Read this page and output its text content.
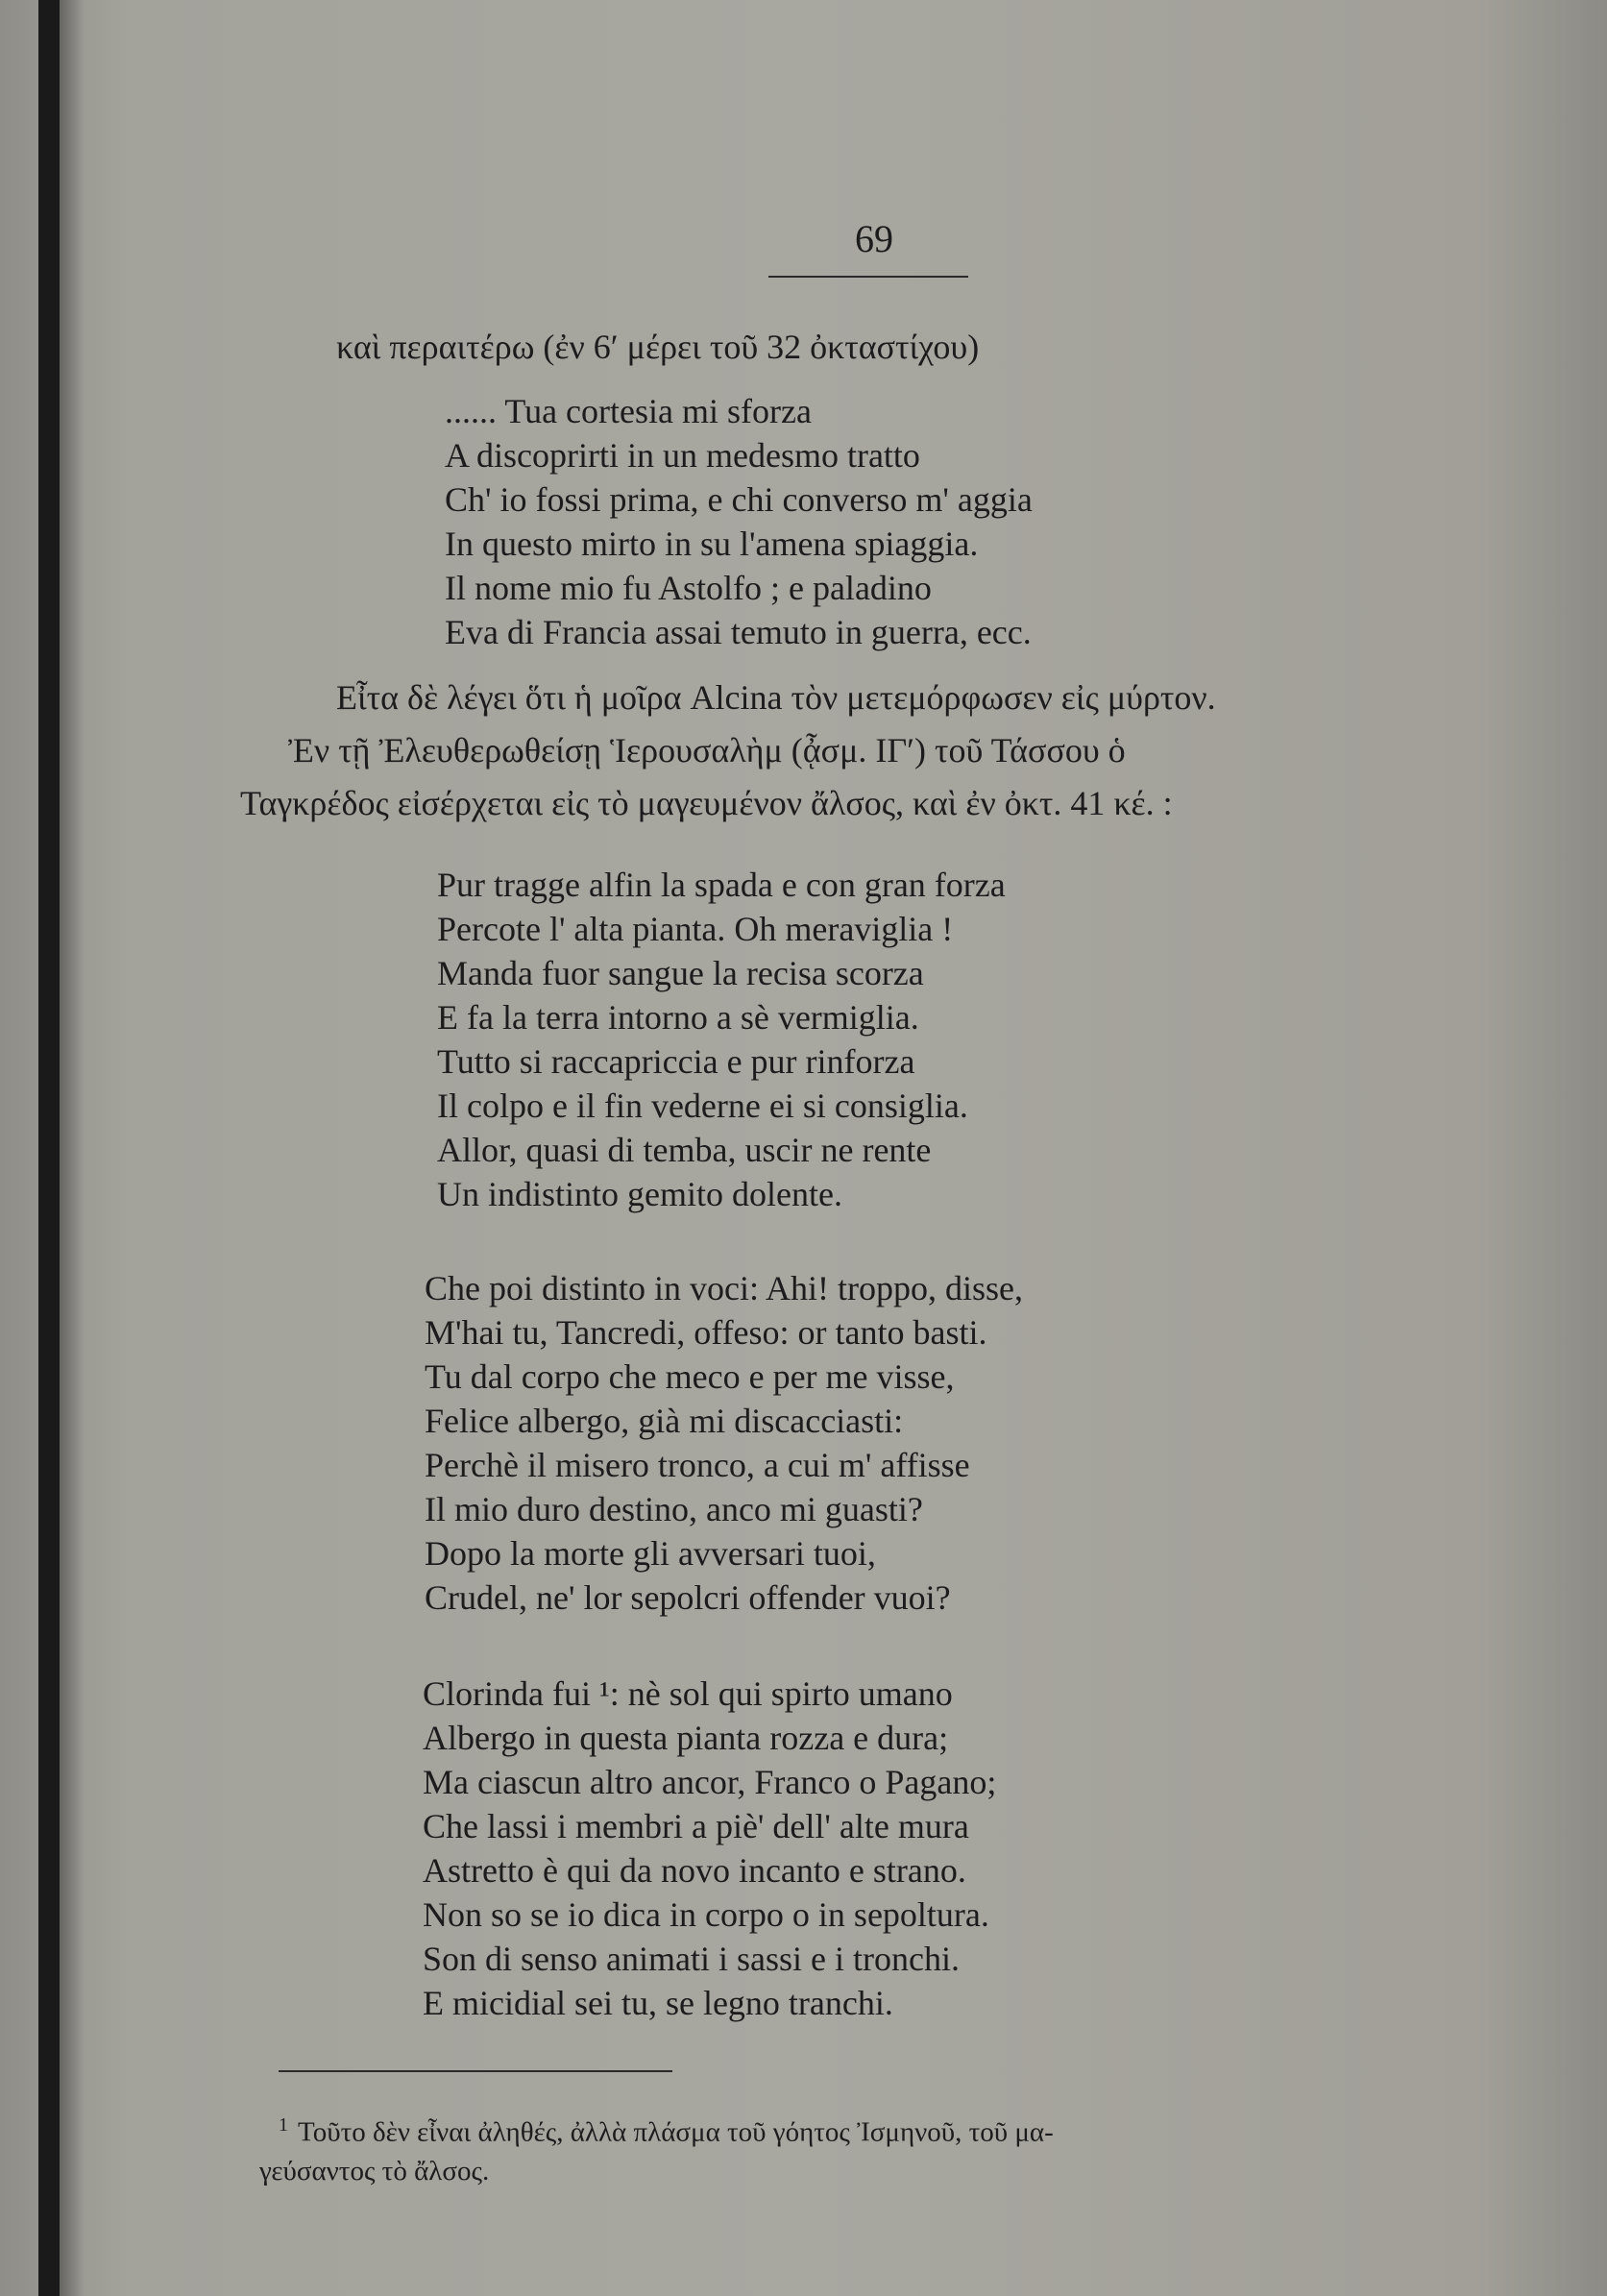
69
καὶ περαιτέρω (ἐν 6ʹ μέρει τοῦ 32 ὀκταστίχου)
...... Tua cortesia mi sforza
A discoprirti in un medesmo tratto
Ch' io fossi prima, e chi converso m' aggia
In questo mirto in su l'amena spiaggia.
Il nome mio fu Astolfo ; e paladino
Eva di Francia assai temuto in guerra, ecc.
Εἶτα δὲ λέγει ὅτι ἡ μοῖρα Alcina τὸν μετεμόρφωσεν εἰς μύρτον.
Ἐν τῇ Ἐλευθερωθείσῃ Ἱερουσαλὴμ (ᾆσμ. ΙΓʹ) τοῦ Τάσσου ὁ
Ταγκρέδος εἰσέρχεται εἰς τὸ μαγευμένον ἄλσος, καὶ ἐν ὀκτ. 41 κέ. :
Pur tragge alfin la spada e con gran forza
Percote l' alta pianta. Oh meraviglia !
Manda fuor sangue la recisa scorza
E fa la terra intorno a sè vermiglia.
Tutto si raccapriccia e pur rinforza
Il colpo e il fin vederne ei si consiglia.
Allor, quasi di temba, uscir ne rente
Un indistinto gemito dolente.
Che poi distinto in voci: Ahi! troppo, disse,
M'hai tu, Tancredi, offeso: or tanto basti.
Tu dal corpo che meco e per me visse,
Felice albergo, già mi discacciasti:
Perchè il misero tronco, a cui m' affisse
Il mio duro destino, anco mi guasti?
Dopo la morte gli avversari tuoi,
Crudel, ne' lor sepolcri offender vuoi?
Clorinda fui ¹: nè sol qui spirto umano
Albergo in questa pianta rozza e dura;
Ma ciascun altro ancor, Franco o Pagano;
Che lassi i membri a piè' dell' alte mura
Astretto è qui da novo incanto e strano.
Non so se io dica in corpo o in sepoltura.
Son di senso animati i sassi e i tronchi.
E micidial sei tu, se legno tranchi.
$^1$ Τοῦτο δὲν εἶναι ἀληθές, ἀλλὰ πλάσμα τοῦ γόητος Ἰσμηνοῦ, τοῦ μα-
γεύσαντος τὸ ἄλσος.
